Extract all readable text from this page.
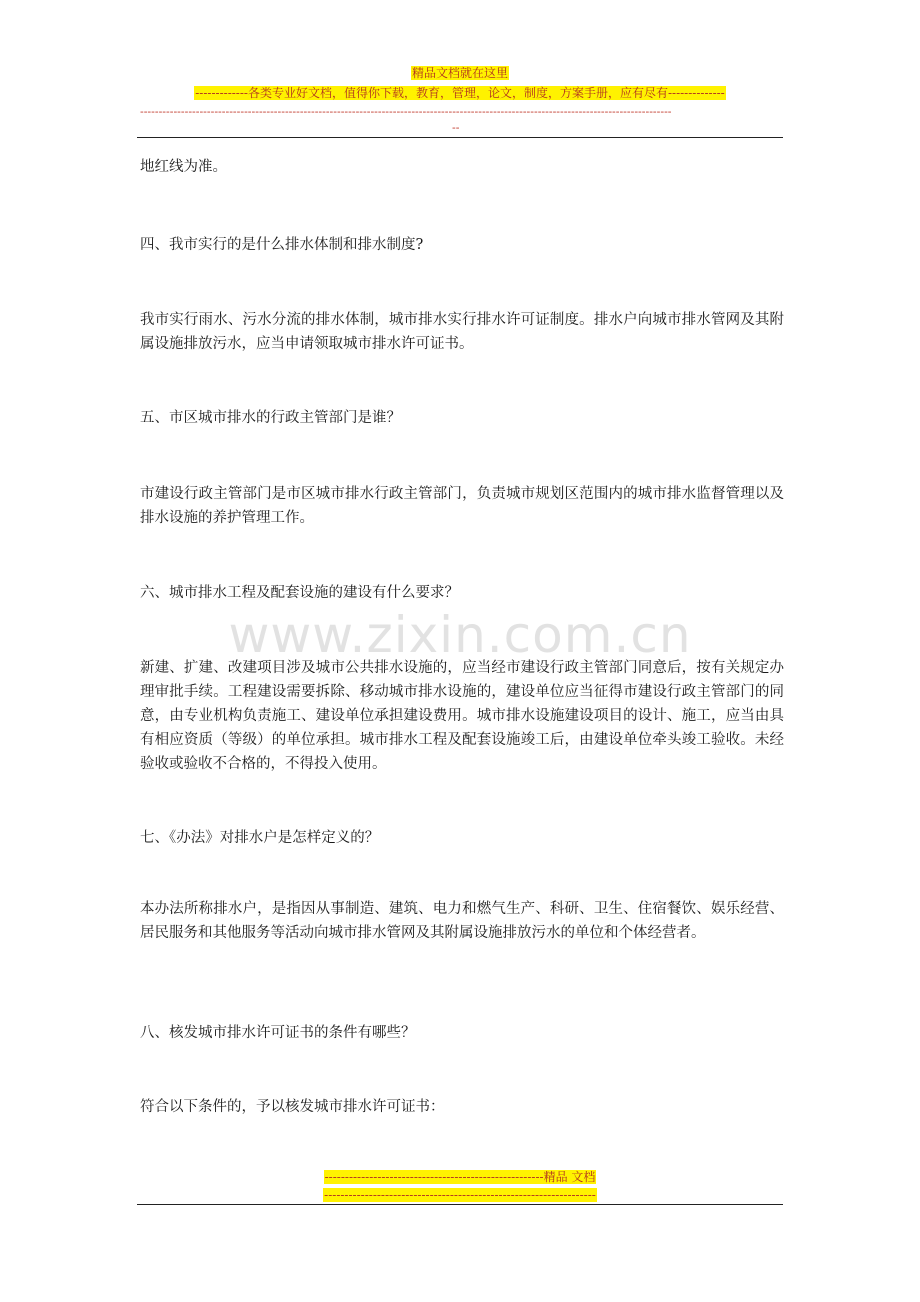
精品文档就在这里
-------------各类专业好文档，值得你下载，教育，管理，论文，制度，方案手册，应有尽有--------------
-----------------------------------------------------------------------------------------------------------------------------------------------
--
www.zixin.com.cn

地红线为准。

四、我市实行的是什么排水体制和排水制度?

我市实行雨水、污水分流的排水体制，城市排水实行排水许可证制度。排水户向城市排水管网及其附属设施排放污水，应当申请领取城市排水许可证书。

五、市区城市排水的行政主管部门是谁？

市建设行政主管部门是市区城市排水行政主管部门，负责城市规划区范围内的城市排水监督管理以及排水设施的养护管理工作。

六、城市排水工程及配套设施的建设有什么要求？

新建、扩建、改建项目涉及城市公共排水设施的，应当经市建设行政主管部门同意后，按有关规定办理审批手续。工程建设需要拆除、移动城市排水设施的，建设单位应当征得市建设行政主管部门的同意，由专业机构负责施工、建设单位承担建设费用。城市排水设施建设项目的设计、施工，应当由具有相应资质（等级）的单位承担。城市排水工程及配套设施竣工后，由建设单位牵头竣工验收。未经验收或验收不合格的，不得投入使用。

七、《办法》对排水户是怎样定义的？

本办法所称排水户，是指因从事制造、建筑、电力和燃气生产、科研、卫生、住宿餐饮、娱乐经营、居民服务和其他服务等活动向城市排水管网及其附属设施排放污水的单位和个体经营者。

八、核发城市排水许可证书的条件有哪些？

符合以下条件的，予以核发城市排水许可证书：

------------------------------------------------------精品 文档
-------------------------------------------------------------------
